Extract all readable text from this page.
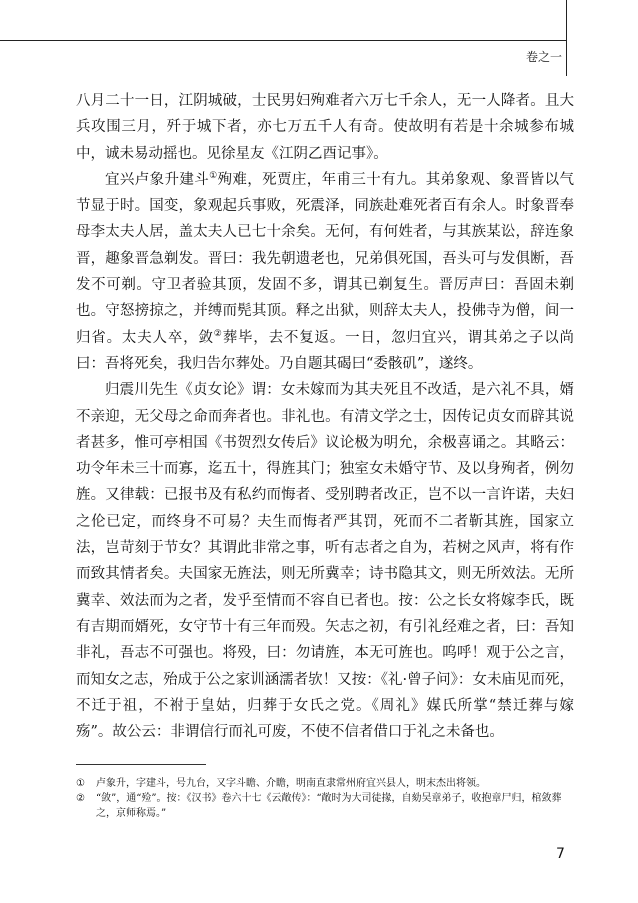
卷之一

八月二十一日，江阴城破，士民男妇殉难者六万七千余人，无一人降者。且大兵攻围三月，歼于城下者，亦七万五千人有奇。使故明有若是十余城参布城中，诚未易动摇也。见徐星友《江阴乙酉记事》。

宜兴卢象升建斗①殉难，死贾庄，年甫三十有九。其弟象观、象晋皆以气节显于时。国变，象观起兵事败，死震泽，同族赴难死者百有余人。时象晋奉母李太夫人居，盖太夫人已七十余矣。无何，有何姓者，与其族某讼，辞连象晋，趣象晋急剃发。晋曰：我先朝遗老也，兄弟俱死国，吾头可与发俱断，吾发不可剃。守卫者验其顶，发固不多，谓其已剃复生。晋厉声曰：吾固未剃也。守怒搒掠之，并缚而髡其顶。释之出狱，则辞太夫人，投佛寺为僧，间一归省。太夫人卒，敛②葬毕，去不复返。一日，忽归宜兴，谓其弟之子以尚曰：吾将死矣，我归告尔葬处。乃自题其碣曰“委骸矶”，遂终。

归震川先生《贞女论》谓：女未嫁而为其夫死且不改适，是六礼不具，婿不亲迎，无父母之命而奔者也。非礼也。有清文学之士，因传记贞女而辟其说者甚多，惟可亭相国《书贺烈女传后》议论极为明允，余极喜诵之。其略云：功令年未三十而寡，迄五十，得旌其门；独室女未婚守节、及以身殉者，例勿旌。又律载：已报书及有私约而悔者、受别聘者改正，岂不以一言许诺，夫妇之伦已定，而终身不可易？夫生而悔者严其罚，死而不二者靳其旌，国家立法，岂苛刻于节女？其谓此非常之事，听有志者之自为，若树之风声，将有作而致其情者矣。夫国家无旌法，则无所冀幸；诗书隐其文，则无所效法。无所冀幸、效法而为之者，发乎至情而不容自已者也。按：公之长女将嫁李氏，既有吉期而婿死，女守节十有三年而殁。矢志之初，有引礼经难之者，曰：吾知非礼，吾志不可强也。将殁，曰：勿请旌，本无可旌也。呜呼！观于公之言，而知女之志，殆成于公之家训涵濡者欤！又按：《礼·曾子问》：女未庙见而死，不迁于祖，不祔于皇姑，归葬于女氏之党。《周礼》媒氏所掌“禁迁葬与嫁殇”。故公云：非谓信行而礼可废，不使不信者借口于礼之未备也。

① 卢象升，字建斗，号九台，又字斗瞻、介瞻，明南直隶常州府宜兴县人，明末杰出将领。

② “敛”，通“殓”。按：《汉书》卷六十七《云敞传》：“敞时为大司徒掾，自劾吴章弟子，收抱章尸归，棺敛葬之，京师称焉。”

7
